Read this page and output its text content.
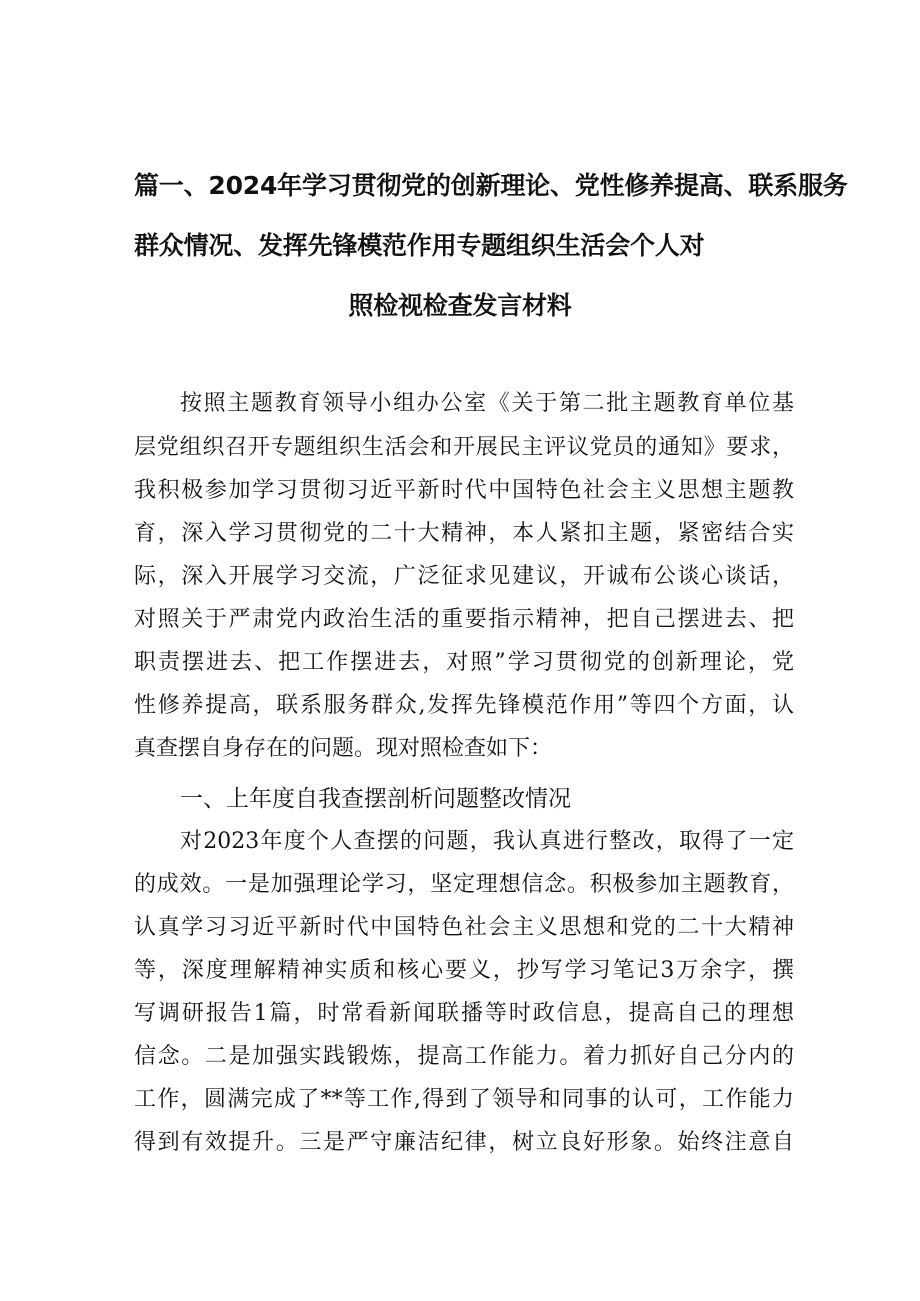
篇一、2024年学习贯彻党的创新理论、党性修养提高、联系服务
群众情况、发挥先锋模范作用专题组织生活会个人对
照检视检查发言材料
按照主题教育领导小组办公室《关于第二批主题教育单位基
层党组织召开专题组织生活会和开展民主评议党员的通知》要求，
我积极参加学习贯彻习近平新时代中国特色社会主义思想主题教
育，深入学习贯彻党的二十大精神，本人紧扣主题，紧密结合实
际，深入开展学习交流，广泛征求见建议，开诚布公谈心谈话，
对照关于严肃党内政治生活的重要指示精神，把自己摆进去、把
职责摆进去、把工作摆进去，对照”学习贯彻党的创新理论，党
性修养提高，联系服务群众,发挥先锋模范作用”等四个方面，认
真查摆自身存在的问题。现对照检查如下：
一、上年度自我查摆剖析问题整改情况
对2023年度个人查摆的问题，我认真进行整改，取得了一定
的成效。一是加强理论学习，坚定理想信念。积极参加主题教育，
认真学习习近平新时代中国特色社会主义思想和党的二十大精神
等，深度理解精神实质和核心要义，抄写学习笔记3万余字，撰
写调研报告1篇，时常看新闻联播等时政信息，提高自己的理想
信念。二是加强实践锻炼，提高工作能力。着力抓好自己分内的
工作，圆满完成了**等工作,得到了领导和同事的认可，工作能力
得到有效提升。三是严守廉洁纪律，树立良好形象。始终注意自
